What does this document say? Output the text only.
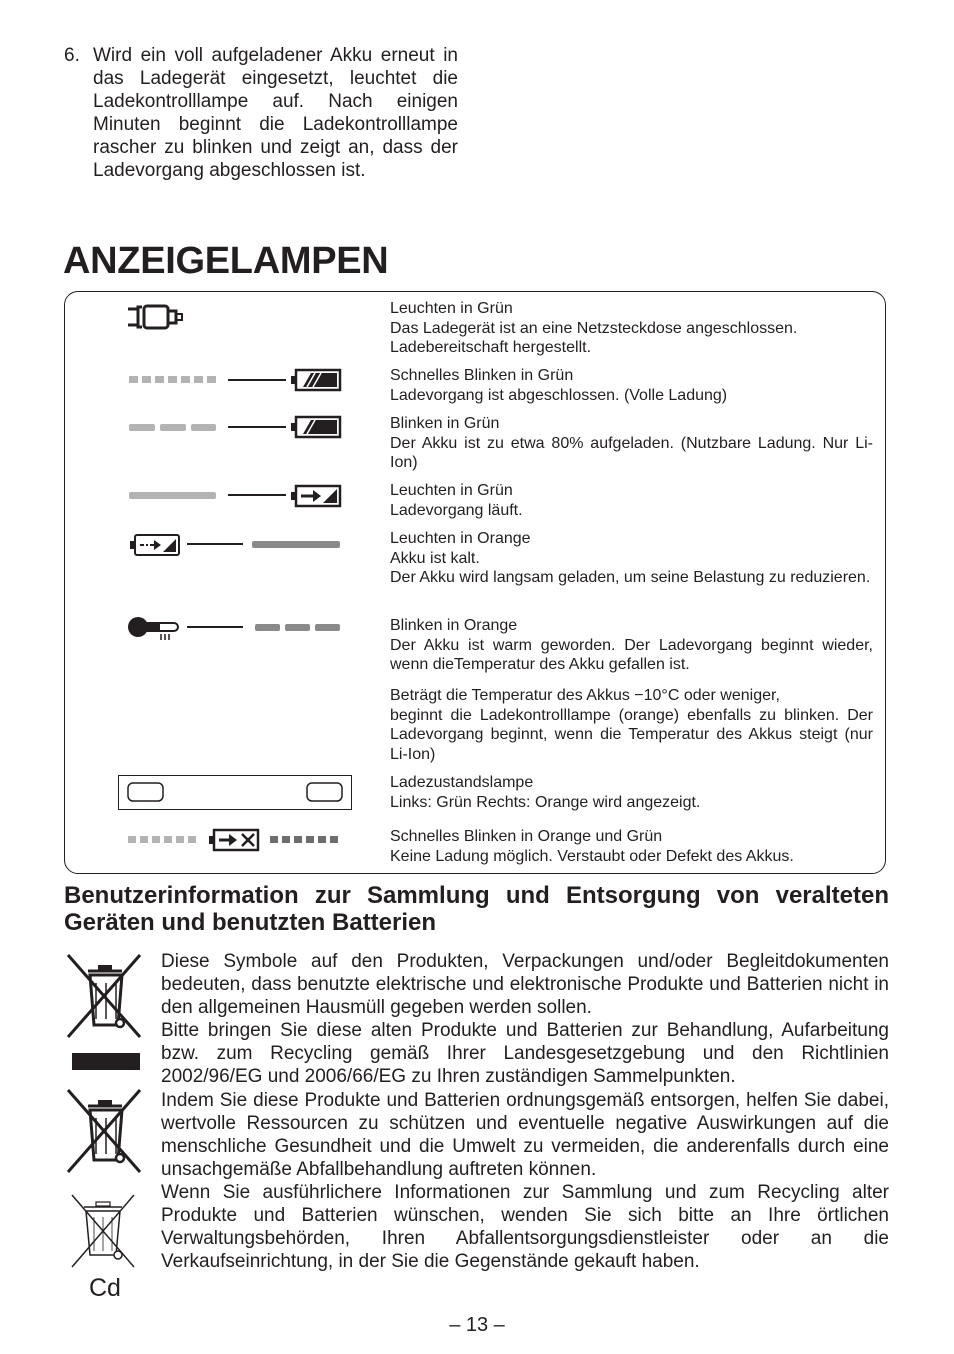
6. Wird ein voll aufgeladener Akku erneut in das Ladegerät eingesetzt, leuchtet die Ladekontrolllampe auf. Nach einigen Minuten beginnt die Ladekontrolllampe rascher zu blinken und zeigt an, dass der Ladevorgang abgeschlossen ist.
ANZEIGELAMPEN
Leuchten in Grün
Das Ladegerät ist an eine Netzsteckdose angeschlossen.
Ladebereitschaft hergestellt.
Schnelles Blinken in Grün
Ladevorgang ist abgeschlossen. (Volle Ladung)
Blinken in Grün
Der Akku ist zu etwa 80% aufgeladen. (Nutzbare Ladung. Nur Li-Ion)
Leuchten in Grün
Ladevorgang läuft.
Leuchten in Orange
Akku ist kalt.
Der Akku wird langsam geladen, um seine Belastung zu reduzieren.
Blinken in Orange
Der Akku ist warm geworden. Der Ladevorgang beginnt wieder, wenn dieTemperatur des Akku gefallen ist.
Beträgt die Temperatur des Akkus −10°C oder weniger,
beginnt die Ladekontrolllampe (orange) ebenfalls zu blinken. Der Ladevorgang beginnt, wenn die Temperatur des Akkus steigt (nur Li-Ion)
Ladezustandslampe
Links: Grün Rechts: Orange wird angezeigt.
Schnelles Blinken in Orange und Grün
Keine Ladung möglich. Verstaubt oder Defekt des Akkus.
Benutzerinformation zur Sammlung und Entsorgung von veralteten Geräten und benutzten Batterien
Cd

Diese Symbole auf den Produkten, Verpackungen und/oder Begleitdokumenten bedeuten, dass benutzte elektrische und elektronische Produkte und Batterien nicht in den allgemeinen Hausmüll gegeben werden sollen.

Bitte bringen Sie diese alten Produkte und Batterien zur Behandlung, Aufarbeitung bzw. zum Recycling gemäß Ihrer Landesgesetzgebung und den Richtlinien 2002/96/EG und 2006/66/EG zu Ihren zuständigen Sammelpunkten.

Indem Sie diese Produkte und Batterien ordnungsgemäß entsorgen, helfen Sie dabei, wertvolle Ressourcen zu schützen und eventuelle negative Auswirkungen auf die menschliche Gesundheit und die Umwelt zu vermeiden, die anderenfalls durch eine unsachgemäße Abfallbehandlung auftreten können.

Wenn Sie ausführlichere Informationen zur Sammlung und zum Recycling alter Produkte und Batterien wünschen, wenden Sie sich bitte an Ihre örtlichen Verwaltungsbehörden, Ihren Abfallentsorgungsdienstleister oder an die Verkaufseinrichtung, in der Sie die Gegenstände gekauft haben.

– 13 –
